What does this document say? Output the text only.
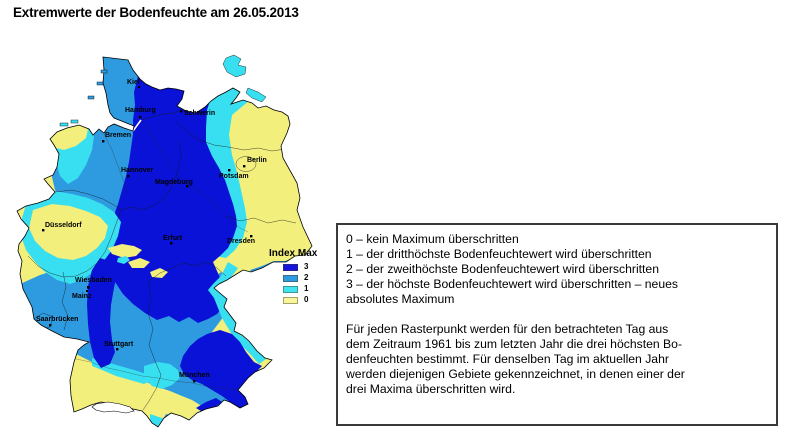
Extremwerte der Bodenfeuchte am 26.05.2013
Kiel
Hamburg	Schwerin
Bremen
Hannover
Berlin
Potsdam
Magdeburg
Düsseldorf
Erfurt	Dresden
Wiesbaden
Mainz
Saarbrücken
Stuttgart
München
Index Max
3
2
1
0
0 – kein Maximum überschritten
1 – der dritthöchste Bodenfeuchtewert wird überschritten
2 – der zweithöchste Bodenfeuchtewert wird überschritten
3 – der höchste Bodenfeuchtewert wird überschritten – neues
absolutes Maximum
Für jeden Rasterpunkt werden für den betrachteten Tag aus
dem Zeitraum 1961 bis zum letzten Jahr die drei höchsten Bo-
denfeuchten bestimmt. Für denselben Tag im aktuellen Jahr
werden diejenigen Gebiete gekennzeichnet, in denen einer der
drei Maxima überschritten wird.
